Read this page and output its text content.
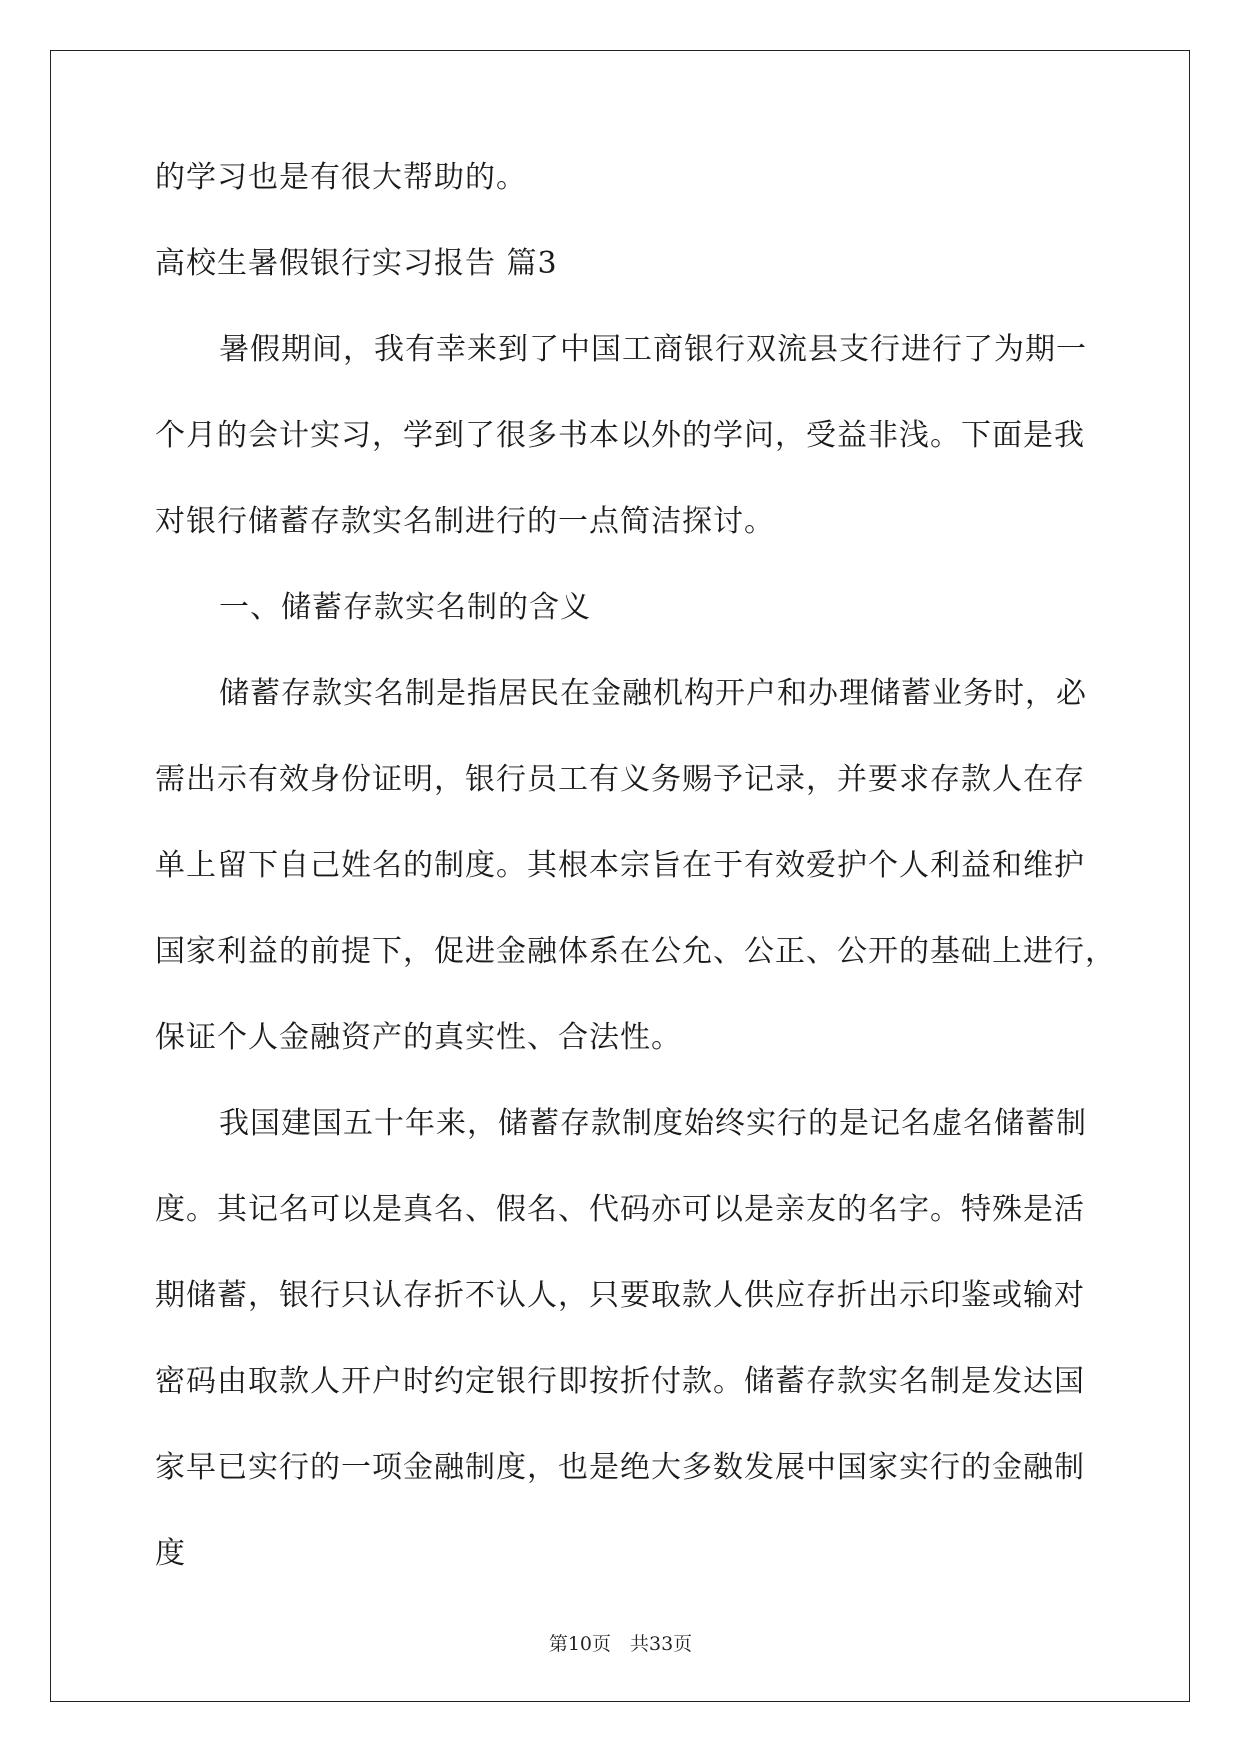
的学习也是有很大帮助的。
高校生暑假银行实习报告 篇3
暑假期间，我有幸来到了中国工商银行双流县支行进行了为期一
个月的会计实习，学到了很多书本以外的学问，受益非浅。下面是我
对银行储蓄存款实名制进行的一点简洁探讨。
一、储蓄存款实名制的含义
储蓄存款实名制是指居民在金融机构开户和办理储蓄业务时，必
需出示有效身份证明，银行员工有义务赐予记录，并要求存款人在存
单上留下自己姓名的制度。其根本宗旨在于有效爱护个人利益和维护
国家利益的前提下，促进金融体系在公允、公正、公开的基础上进行，
保证个人金融资产的真实性、合法性。
我国建国五十年来，储蓄存款制度始终实行的是记名虚名储蓄制
度。其记名可以是真名、假名、代码亦可以是亲友的名字。特殊是活
期储蓄，银行只认存折不认人，只要取款人供应存折出示印鉴或输对
密码由取款人开户时约定银行即按折付款。储蓄存款实名制是发达国
家早已实行的一项金融制度，也是绝大多数发展中国家实行的金融制
度
第10页　共33页
